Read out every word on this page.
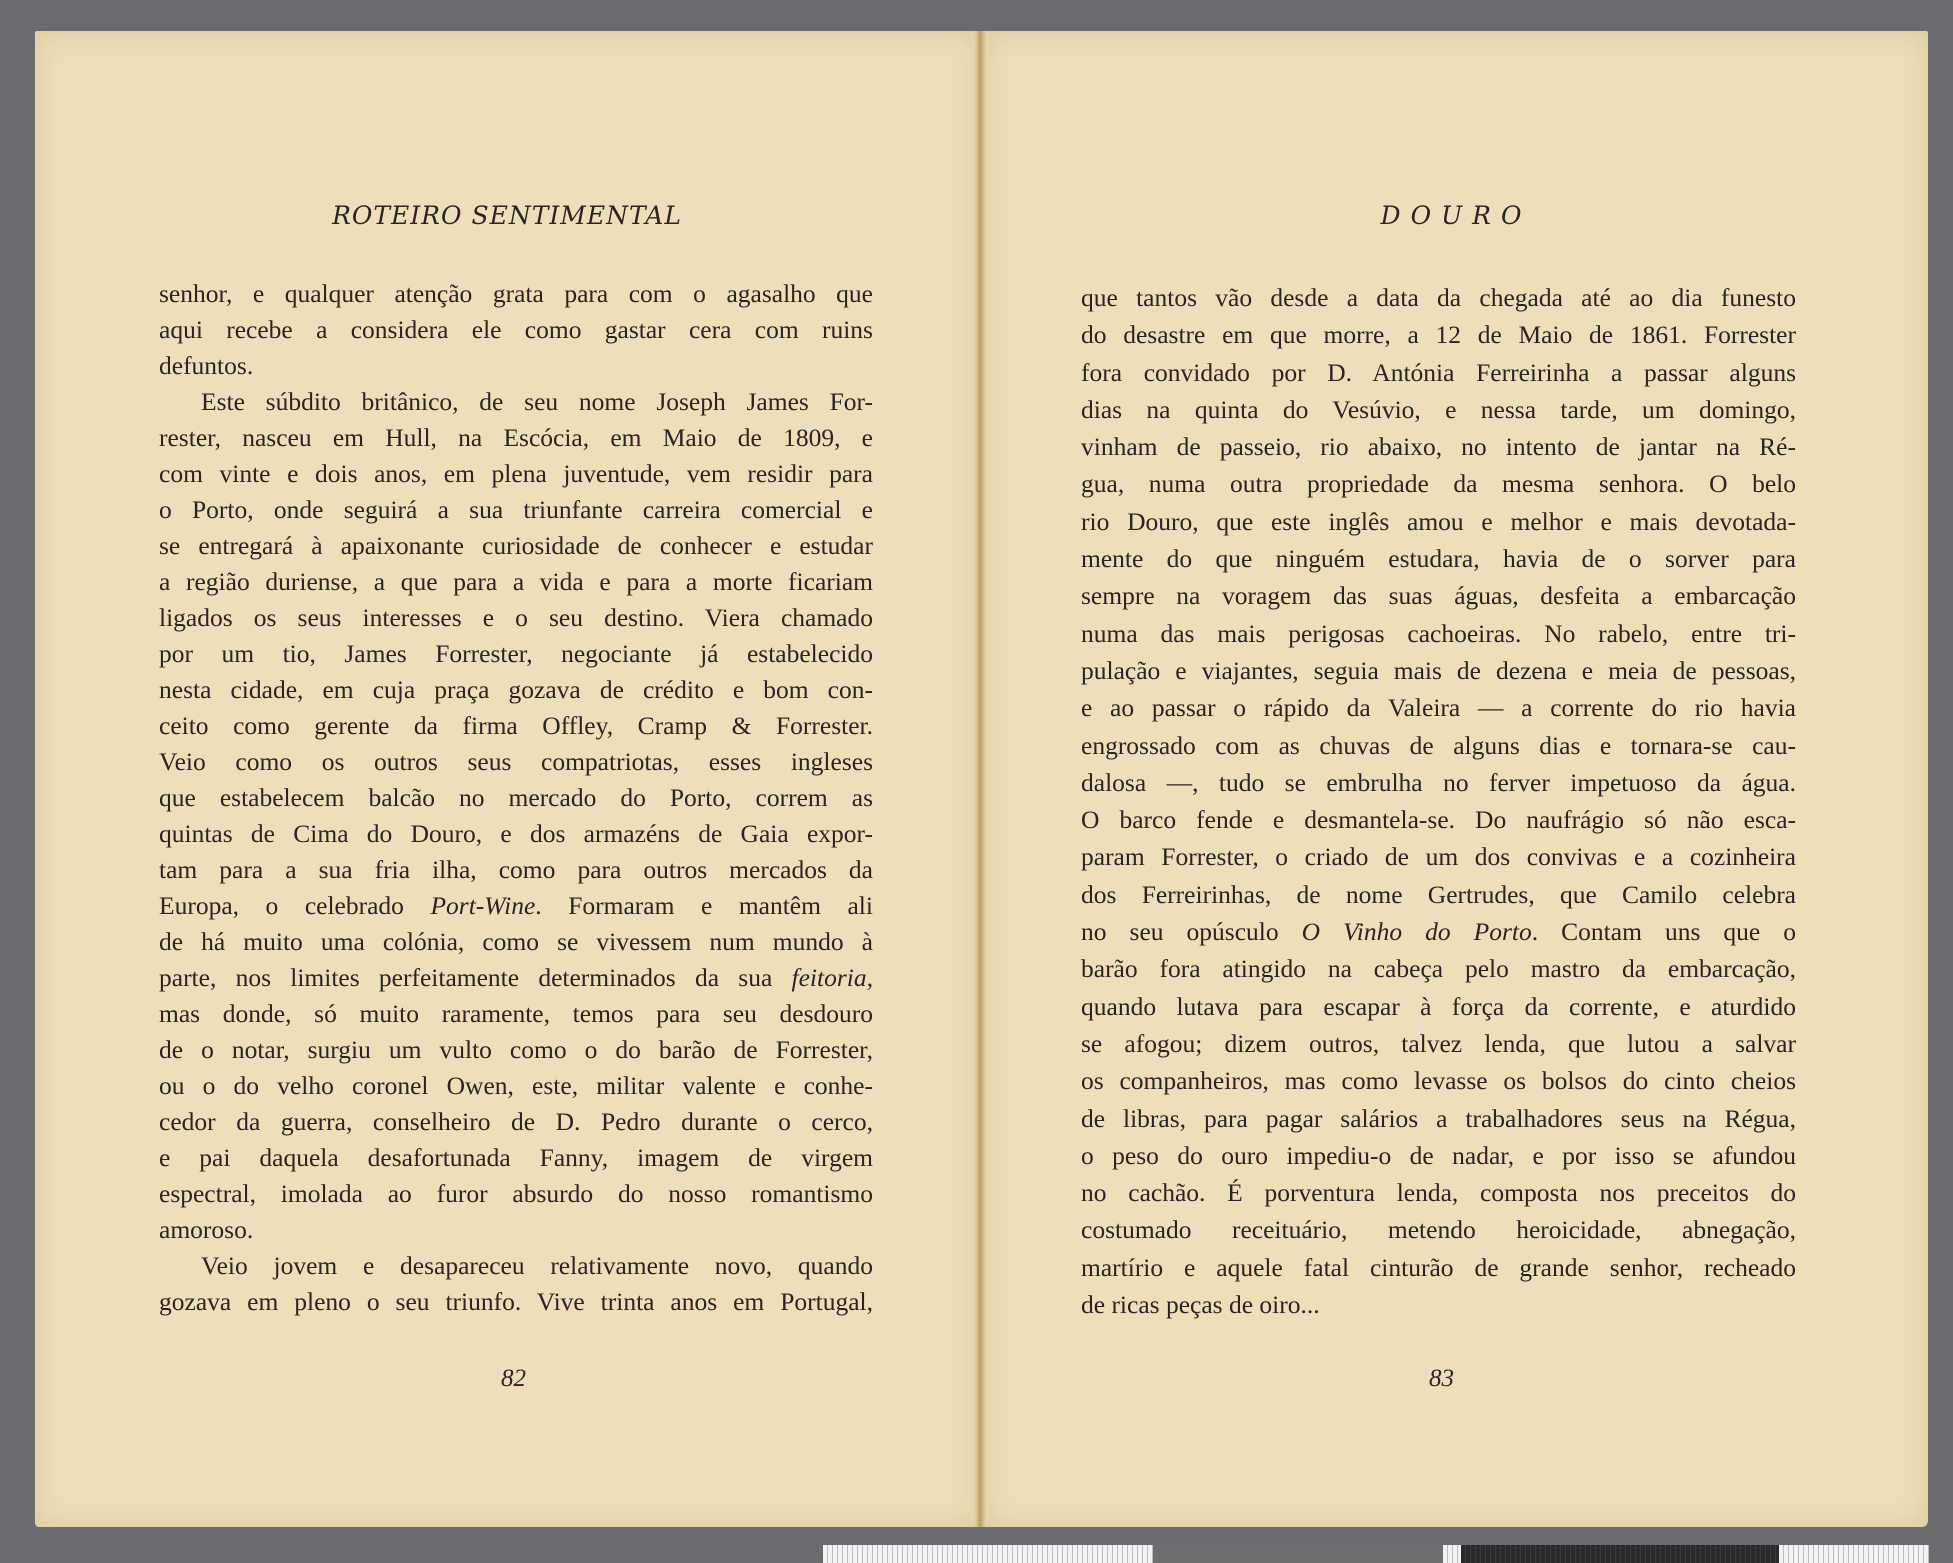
ROTEIRO SENTIMENTAL
senhor, e qualquer atenção grata para com o agasalho que
aqui recebe a considera ele como gastar cera com ruins
defuntos.
Este súbdito britânico, de seu nome Joseph James For-
rester, nasceu em Hull, na Escócia, em Maio de 1809, e
com vinte e dois anos, em plena juventude, vem residir para
o Porto, onde seguirá a sua triunfante carreira comercial e
se entregará à apaixonante curiosidade de conhecer e estudar
a região duriense, a que para a vida e para a morte ficariam
ligados os seus interesses e o seu destino. Viera chamado
por um tio, James Forrester, negociante já estabelecido
nesta cidade, em cuja praça gozava de crédito e bom con-
ceito como gerente da firma Offley, Cramp & Forrester.
Veio como os outros seus compatriotas, esses ingleses
que estabelecem balcão no mercado do Porto, correm as
quintas de Cima do Douro, e dos armazéns de Gaia expor-
tam para a sua fria ilha, como para outros mercados da
Europa, o celebrado Port-Wine. Formaram e mantêm ali
de há muito uma colónia, como se vivessem num mundo à
parte, nos limites perfeitamente determinados da sua feitoria,
mas donde, só muito raramente, temos para seu desdouro
de o notar, surgiu um vulto como o do barão de Forrester,
ou o do velho coronel Owen, este, militar valente e conhe-
cedor da guerra, conselheiro de D. Pedro durante o cerco,
e pai daquela desafortunada Fanny, imagem de virgem
espectral, imolada ao furor absurdo do nosso romantismo
amoroso.
Veio jovem e desapareceu relativamente novo, quando
gozava em pleno o seu triunfo. Vive trinta anos em Portugal,
82
DOURO
que tantos vão desde a data da chegada até ao dia funesto
do desastre em que morre, a 12 de Maio de 1861. Forrester
fora convidado por D. Antónia Ferreirinha a passar alguns
dias na quinta do Vesúvio, e nessa tarde, um domingo,
vinham de passeio, rio abaixo, no intento de jantar na Ré-
gua, numa outra propriedade da mesma senhora. O belo
rio Douro, que este inglês amou e melhor e mais devotada-
mente do que ninguém estudara, havia de o sorver para
sempre na voragem das suas águas, desfeita a embarcação
numa das mais perigosas cachoeiras. No rabelo, entre tri-
pulação e viajantes, seguia mais de dezena e meia de pessoas,
e ao passar o rápido da Valeira — a corrente do rio havia
engrossado com as chuvas de alguns dias e tornara-se cau-
dalosa —, tudo se embrulha no ferver impetuoso da água.
O barco fende e desmantela-se. Do naufrágio só não esca-
param Forrester, o criado de um dos convivas e a cozinheira
dos Ferreirinhas, de nome Gertrudes, que Camilo celebra
no seu opúsculo O Vinho do Porto. Contam uns que o
barão fora atingido na cabeça pelo mastro da embarcação,
quando lutava para escapar à força da corrente, e aturdido
se afogou; dizem outros, talvez lenda, que lutou a salvar
os companheiros, mas como levasse os bolsos do cinto cheios
de libras, para pagar salários a trabalhadores seus na Régua,
o peso do ouro impediu-o de nadar, e por isso se afundou
no cachão. É porventura lenda, composta nos preceitos do
costumado receituário, metendo heroicidade, abnegação,
martírio e aquele fatal cinturão de grande senhor, recheado
de ricas peças de oiro...
83
